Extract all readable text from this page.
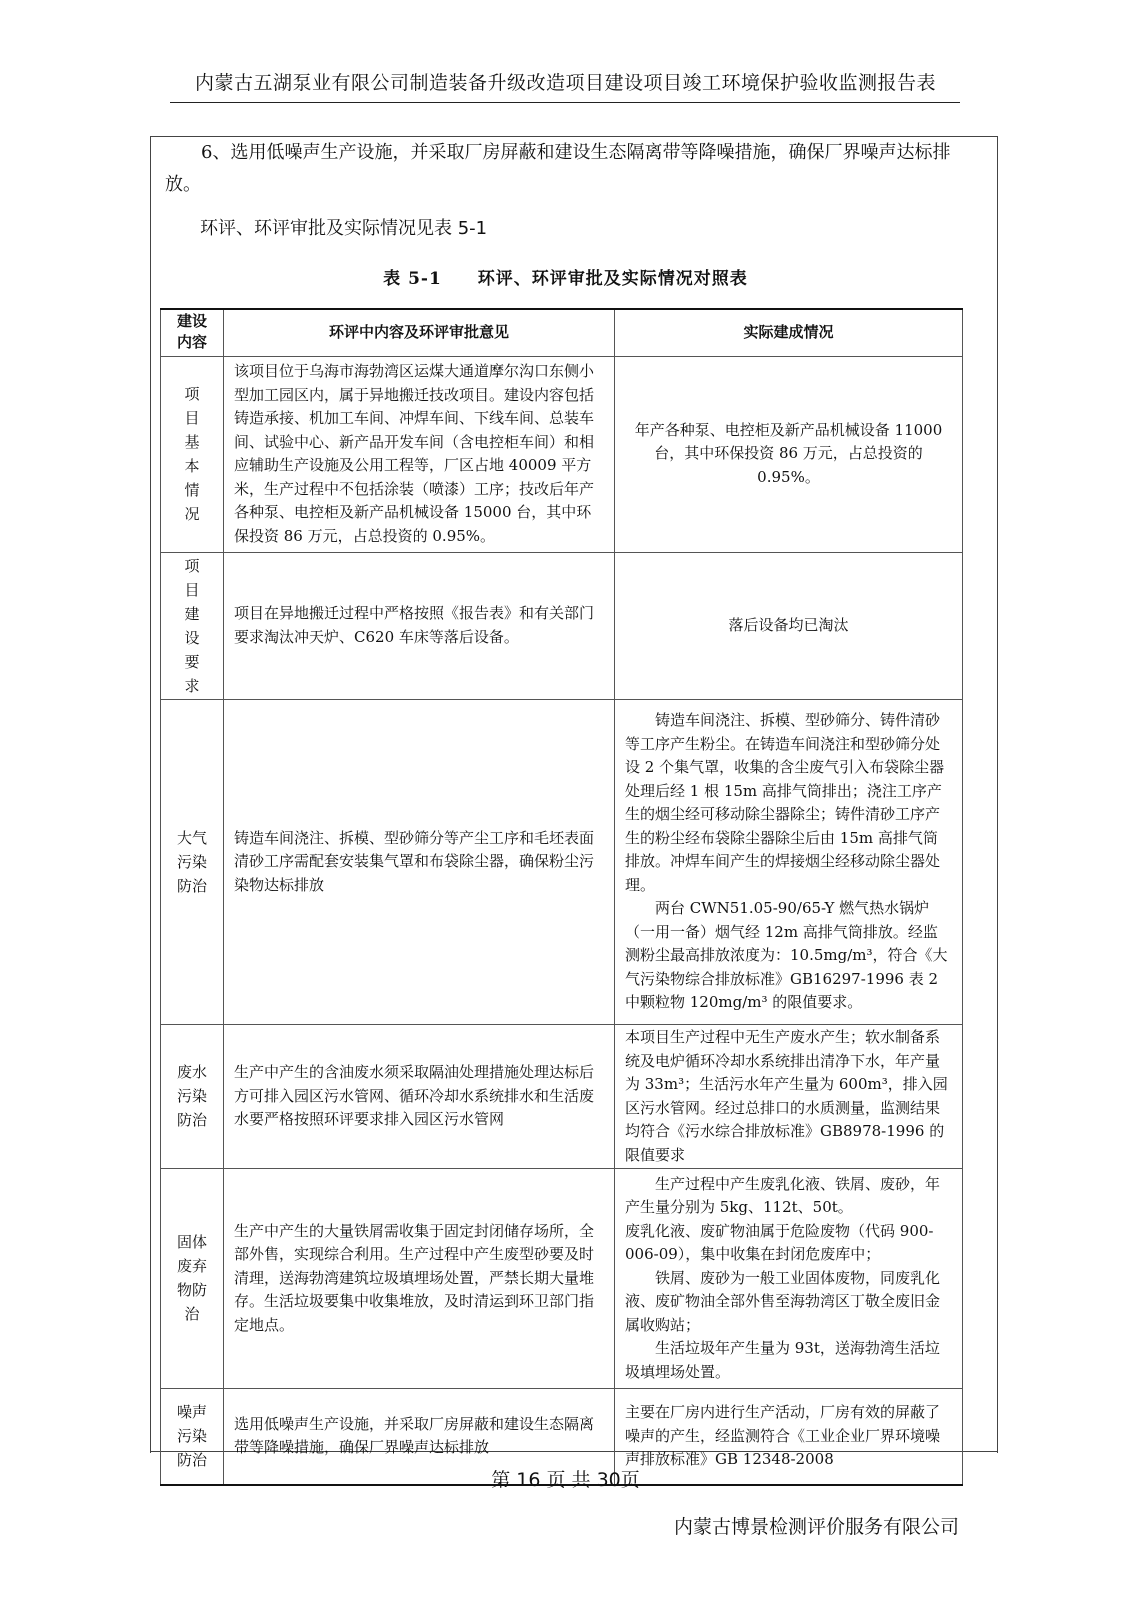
内蒙古五湖泵业有限公司制造装备升级改造项目建设项目竣工环境保护验收监测报告表
6、选用低噪声生产设施，并采取厂房屏蔽和建设生态隔离带等降噪措施，确保厂界噪声达标排放。
环评、环评审批及实际情况见表 5-1
表 5-1　　环评、环评审批及实际情况对照表
建设内容	环评中内容及环评审批意见	实际建成情况
项目基本情况	该项目位于乌海市海勃湾区运煤大通道摩尔沟口东侧小型加工园区内，属于异地搬迁技改项目。建设内容包括铸造承接、机加工车间、冲焊车间、下线车间、总装车间、试验中心、新产品开发车间（含电控柜车间）和相应辅助生产设施及公用工程等，厂区占地 40009 平方米，生产过程中不包括涂装（喷漆）工序；技改后年产各种泵、电控柜及新产品机械设备 15000 台，其中环保投资 86 万元，占总投资的 0.95%。	年产各种泵、电控柜及新产品机械设备 11000 台，其中环保投资 86 万元，占总投资的 0.95%。
项目建设要求	项目在异地搬迁过程中严格按照《报告表》和有关部门要求淘汰冲天炉、C620 车床等落后设备。	落后设备均已淘汰
大气污染防治	铸造车间浇注、拆模、型砂筛分等产尘工序和毛坯表面清砂工序需配套安装集气罩和布袋除尘器，确保粉尘污染物达标排放	铸造车间浇注、拆模、型砂筛分、铸件清砂等工序产生粉尘。在铸造车间浇注和型砂筛分处设 2 个集气罩，收集的含尘废气引入布袋除尘器处理后经 1 根 15m 高排气筒排出；浇注工序产生的烟尘经可移动除尘器除尘；铸件清砂工序产生的粉尘经布袋除尘器除尘后由 15m 高排气筒排放。冲焊车间产生的焊接烟尘经移动除尘器处理。
两台 CWN51.05-90/65-Y 燃气热水锅炉（一用一备）烟气经 12m 高排气筒排放。经监测粉尘最高排放浓度为：10.5mg/m³，符合《大气污染物综合排放标准》GB16297-1996 表 2 中颗粒物 120mg/m³ 的限值要求。

废水污染防治	生产中产生的含油废水须采取隔油处理措施处理达标后方可排入园区污水管网、循环冷却水系统排水和生活废水要严格按照环评要求排入园区污水管网	本项目生产过程中无生产废水产生；软水制备系统及电炉循环冷却水系统排出清净下水，年产量为 33m³；生活污水年产生量为 600m³，排入园区污水管网。经过总排口的水质测量，监测结果均符合《污水综合排放标准》GB8978-1996 的限值要求
固体废弃物防治	生产中产生的大量铁屑需收集于固定封闭储存场所，全部外售，实现综合利用。生产过程中产生废型砂要及时清理，送海勃湾建筑垃圾填埋场处置，严禁长期大量堆存。生活垃圾要集中收集堆放，及时清运到环卫部门指定地点。	生产过程中产生废乳化液、铁屑、废砂，年产生量分别为 5kg、112t、50t。
废乳化液、废矿物油属于危险废物（代码 900-006-09），集中收集在封闭危废库中；
铁屑、废砂为一般工业固体废物，同废乳化液、废矿物油全部外售至海勃湾区丁敬全废旧金属收购站；
生活垃圾年产生量为 93t，送海勃湾生活垃圾填埋场处置。

噪声污染防治	选用低噪声生产设施，并采取厂房屏蔽和建设生态隔离带等降噪措施，确保厂界噪声达标排放	主要在厂房内进行生产活动，厂房有效的屏蔽了噪声的产生，经监测符合《工业企业厂界环境噪声排放标准》GB 12348-2008
第 16 页 共 30页
内蒙古博景检测评价服务有限公司
